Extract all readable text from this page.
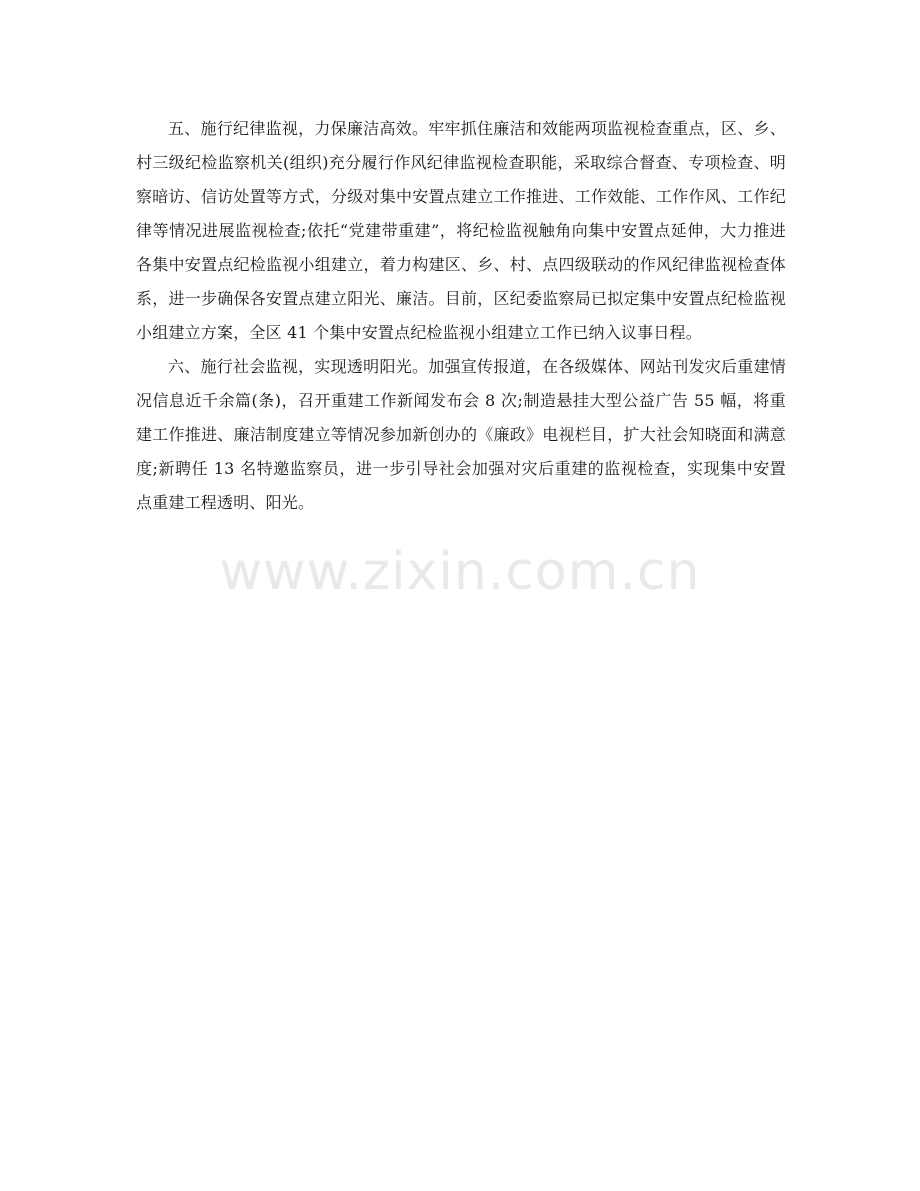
五、施行纪律监视，力保廉洁高效。牢牢抓住廉洁和效能两项监视检查重点，区、乡、村三级纪检监察机关(组织)充分履行作风纪律监视检查职能，采取综合督查、专项检查、明察暗访、信访处置等方式，分级对集中安置点建立工作推进、工作效能、工作作风、工作纪律等情况进展监视检查;依托“党建带重建”，将纪检监视触角向集中安置点延伸，大力推进各集中安置点纪检监视小组建立，着力构建区、乡、村、点四级联动的作风纪律监视检查体系，进一步确保各安置点建立阳光、廉洁。目前，区纪委监察局已拟定集中安置点纪检监视小组建立方案，全区 41 个集中安置点纪检监视小组建立工作已纳入议事日程。

六、施行社会监视，实现透明阳光。加强宣传报道，在各级媒体、网站刊发灾后重建情况信息近千余篇(条)，召开重建工作新闻发布会 8 次;制造悬挂大型公益广告 55 幅，将重建工作推进、廉洁制度建立等情况参加新创办的《廉政》电视栏目，扩大社会知晓面和满意度;新聘任 13 名特邀监察员，进一步引导社会加强对灾后重建的监视检查，实现集中安置点重建工程透明、阳光。

www.zixin.com.cn
